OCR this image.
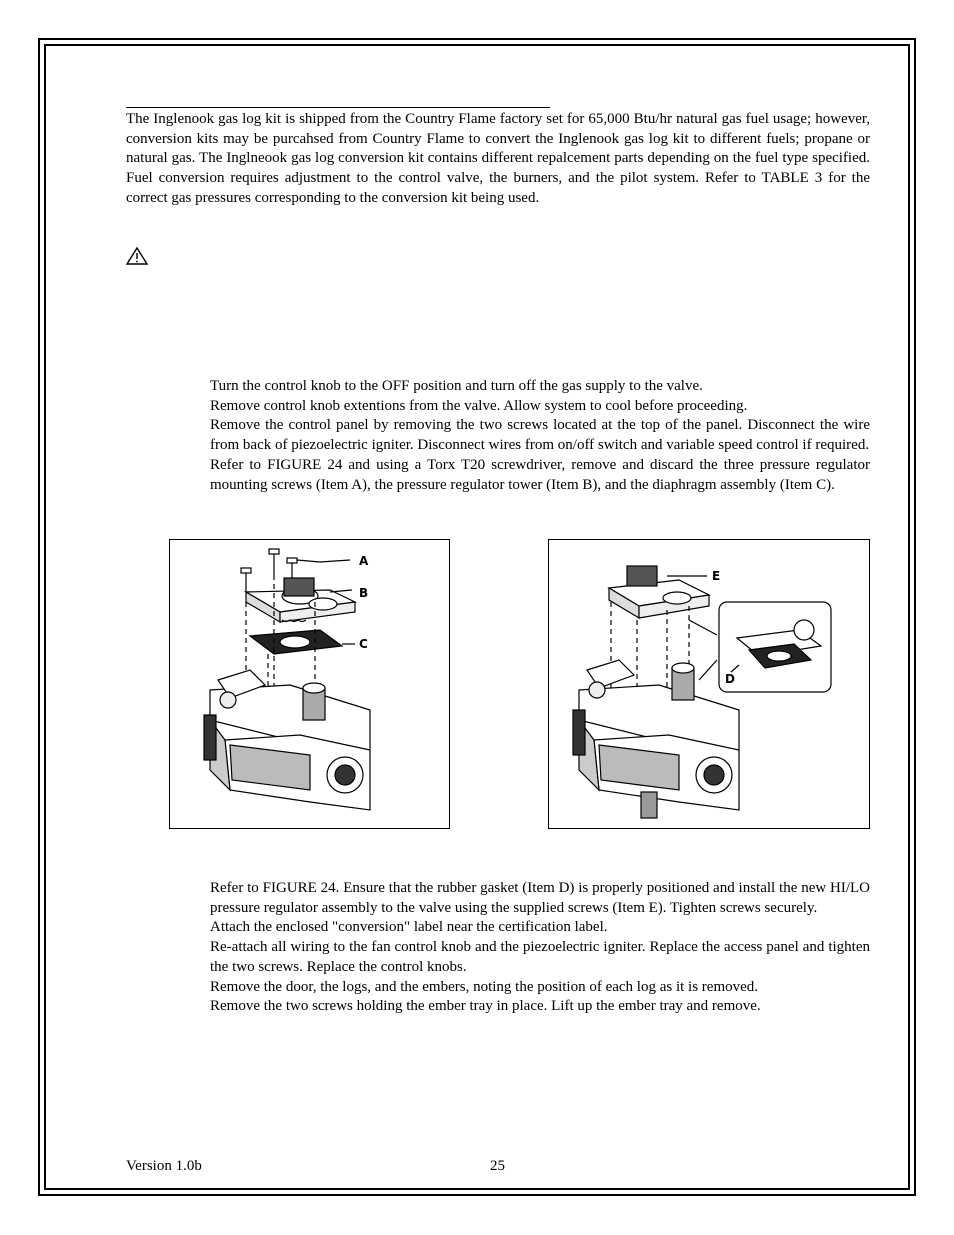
The Inglenook gas log kit is shipped from the Country Flame factory set for 65,000 Btu/hr natural gas fuel usage; however, conversion kits may be purcahsed from Country Flame to convert the Inglenook gas log kit to different fuels; propane or natural gas. The Inglneook gas log conversion kit contains different repalcement parts depending on the fuel type specified. Fuel conversion requires adjustment to the control valve, the burners, and the pilot system. Refer to TABLE 3 for the correct gas pressures corresponding to the conversion kit being used.

Turn the control knob to the OFF position and turn off the gas supply to the valve.
Remove control knob extentions from the valve. Allow system to cool before proceeding.
Remove the control panel by removing the two screws located at the top of the panel. Disconnect the wire from back of piezoelectric igniter. Disconnect wires from on/off switch and variable speed control if required.
Refer to FIGURE 24 and using a Torx T20 screwdriver, remove and discard the three pressure regulator mounting screws (Item A), the pressure regulator tower (Item B), and the diaphragm assembly (Item C).
A
B
C
E
D
Refer to FIGURE 24. Ensure that the rubber gasket (Item D) is properly positioned and install the new HI/LO pressure regulator assembly to the valve using the supplied screws (Item E). Tighten screws securely.
Attach the enclosed "conversion" label near the certification label.
Re-attach all wiring to the fan control knob and the piezoelectric igniter. Replace the access panel and tighten the two screws. Replace the control knobs.
Remove the door, the logs, and the embers, noting the position of each log as it is removed.
Remove the two screws holding the ember tray in place. Lift up the ember tray and remove.
Version 1.0b	25
